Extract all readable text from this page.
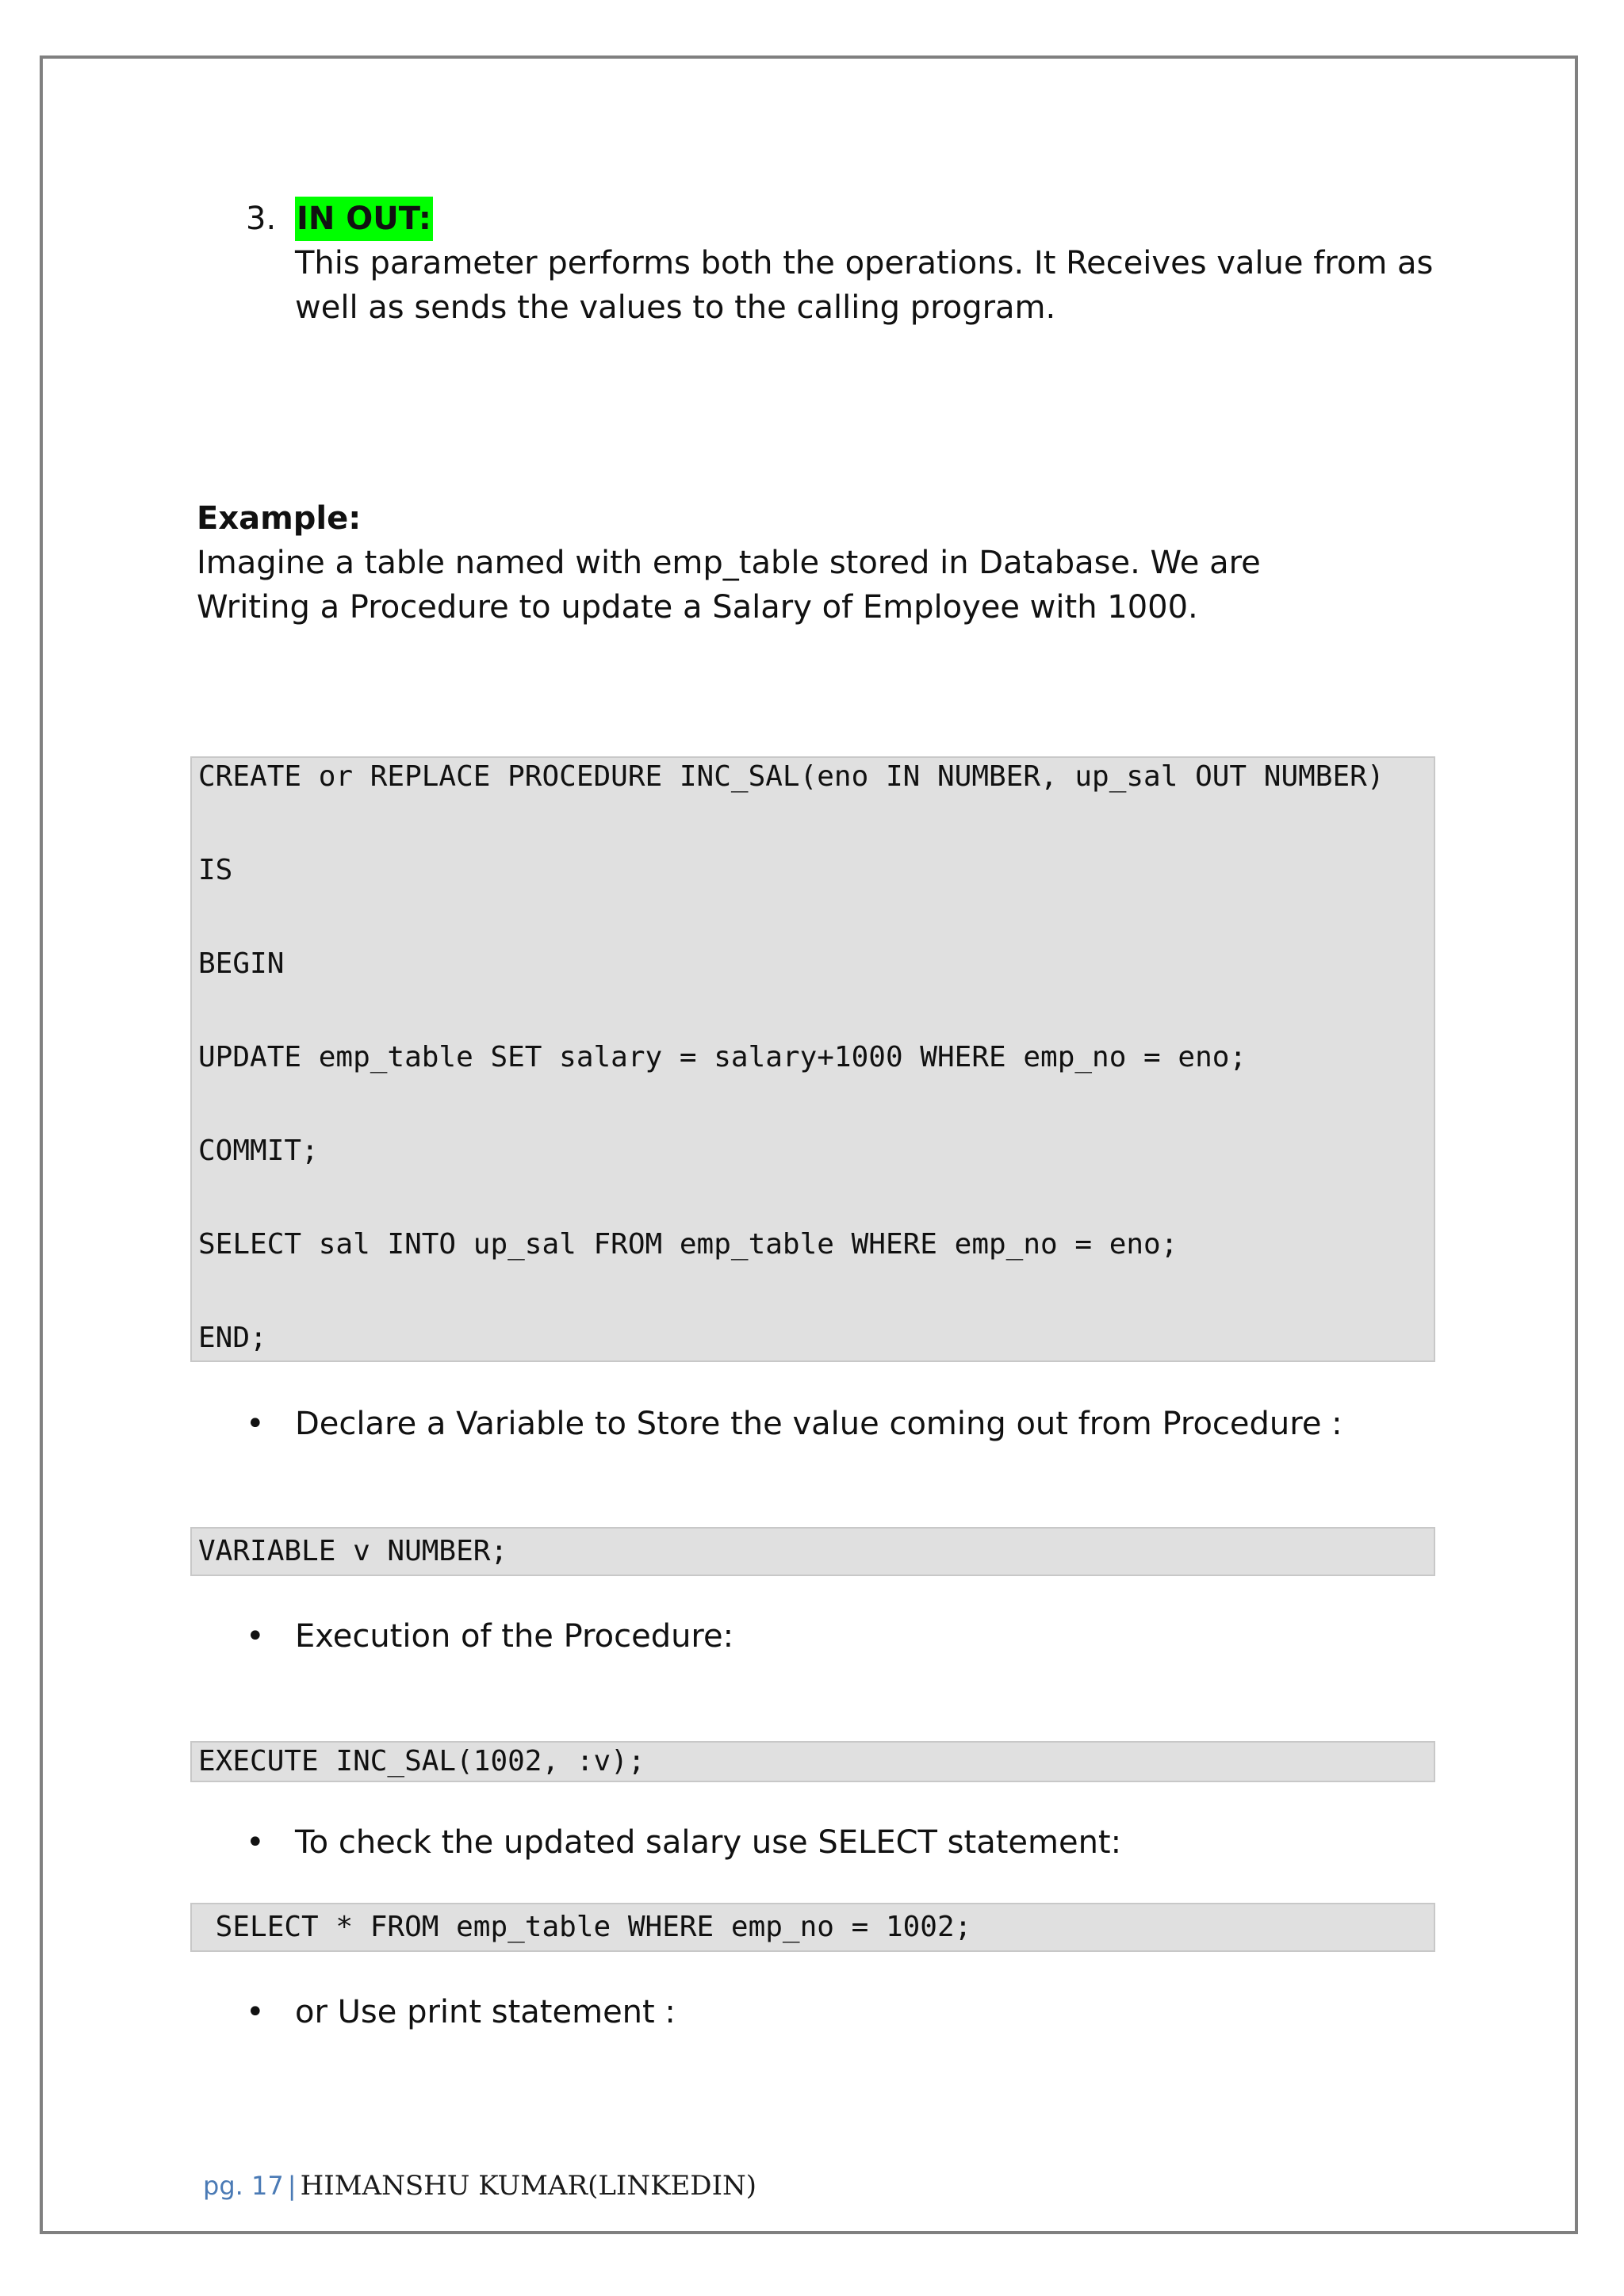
3. IN OUT:
This parameter performs both the operations. It Receives value from as well as sends the values to the calling program.
Example:
Imagine a table named with emp_table stored in Database. We are Writing a Procedure to update a Salary of Employee with 1000.
CREATE or REPLACE PROCEDURE INC_SAL(eno IN NUMBER, up_sal OUT NUMBER)
IS
BEGIN
UPDATE emp_table SET salary = salary+1000 WHERE emp_no = eno;
COMMIT;
SELECT sal INTO up_sal FROM emp_table WHERE emp_no = eno;
END;
• Declare a Variable to Store the value coming out from Procedure :
VARIABLE v NUMBER;
• Execution of the Procedure:
EXECUTE INC_SAL(1002, :v);
• To check the updated salary use SELECT statement:
SELECT * FROM emp_table WHERE emp_no = 1002;
• or Use print statement :
pg. 17 | HIMANSHU KUMAR(LINKEDIN)
